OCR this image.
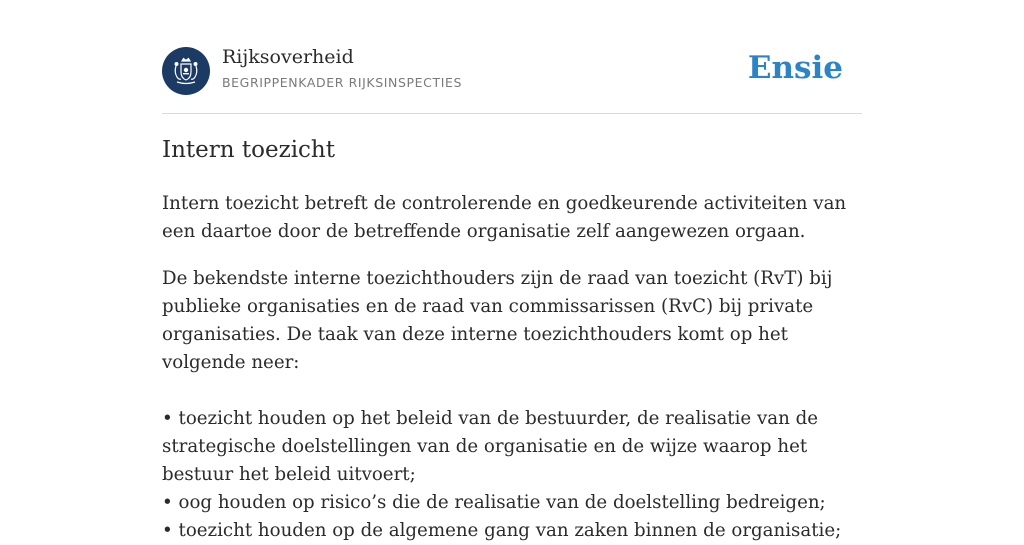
Rijksoverheid
BEGRIPPENKADER RIJKSINSPECTIES	Ensie
Intern toezicht

Intern toezicht betreft de controlerende en goedkeurende activiteiten van een daartoe door de betreffende organisatie zelf aangewezen orgaan.

De bekendste interne toezichthouders zijn de raad van toezicht (RvT) bij publieke organisaties en de raad van commissarissen (RvC) bij private organisaties. De taak van deze interne toezichthouders komt op het volgende neer:

• toezicht houden op het beleid van de bestuurder, de realisatie van de strategische doelstellingen van de organisatie en de wijze waarop het bestuur het beleid uitvoert;
• oog houden op risico’s die de realisatie van de doelstelling bedreigen;
• toezicht houden op de algemene gang van zaken binnen de organisatie;
